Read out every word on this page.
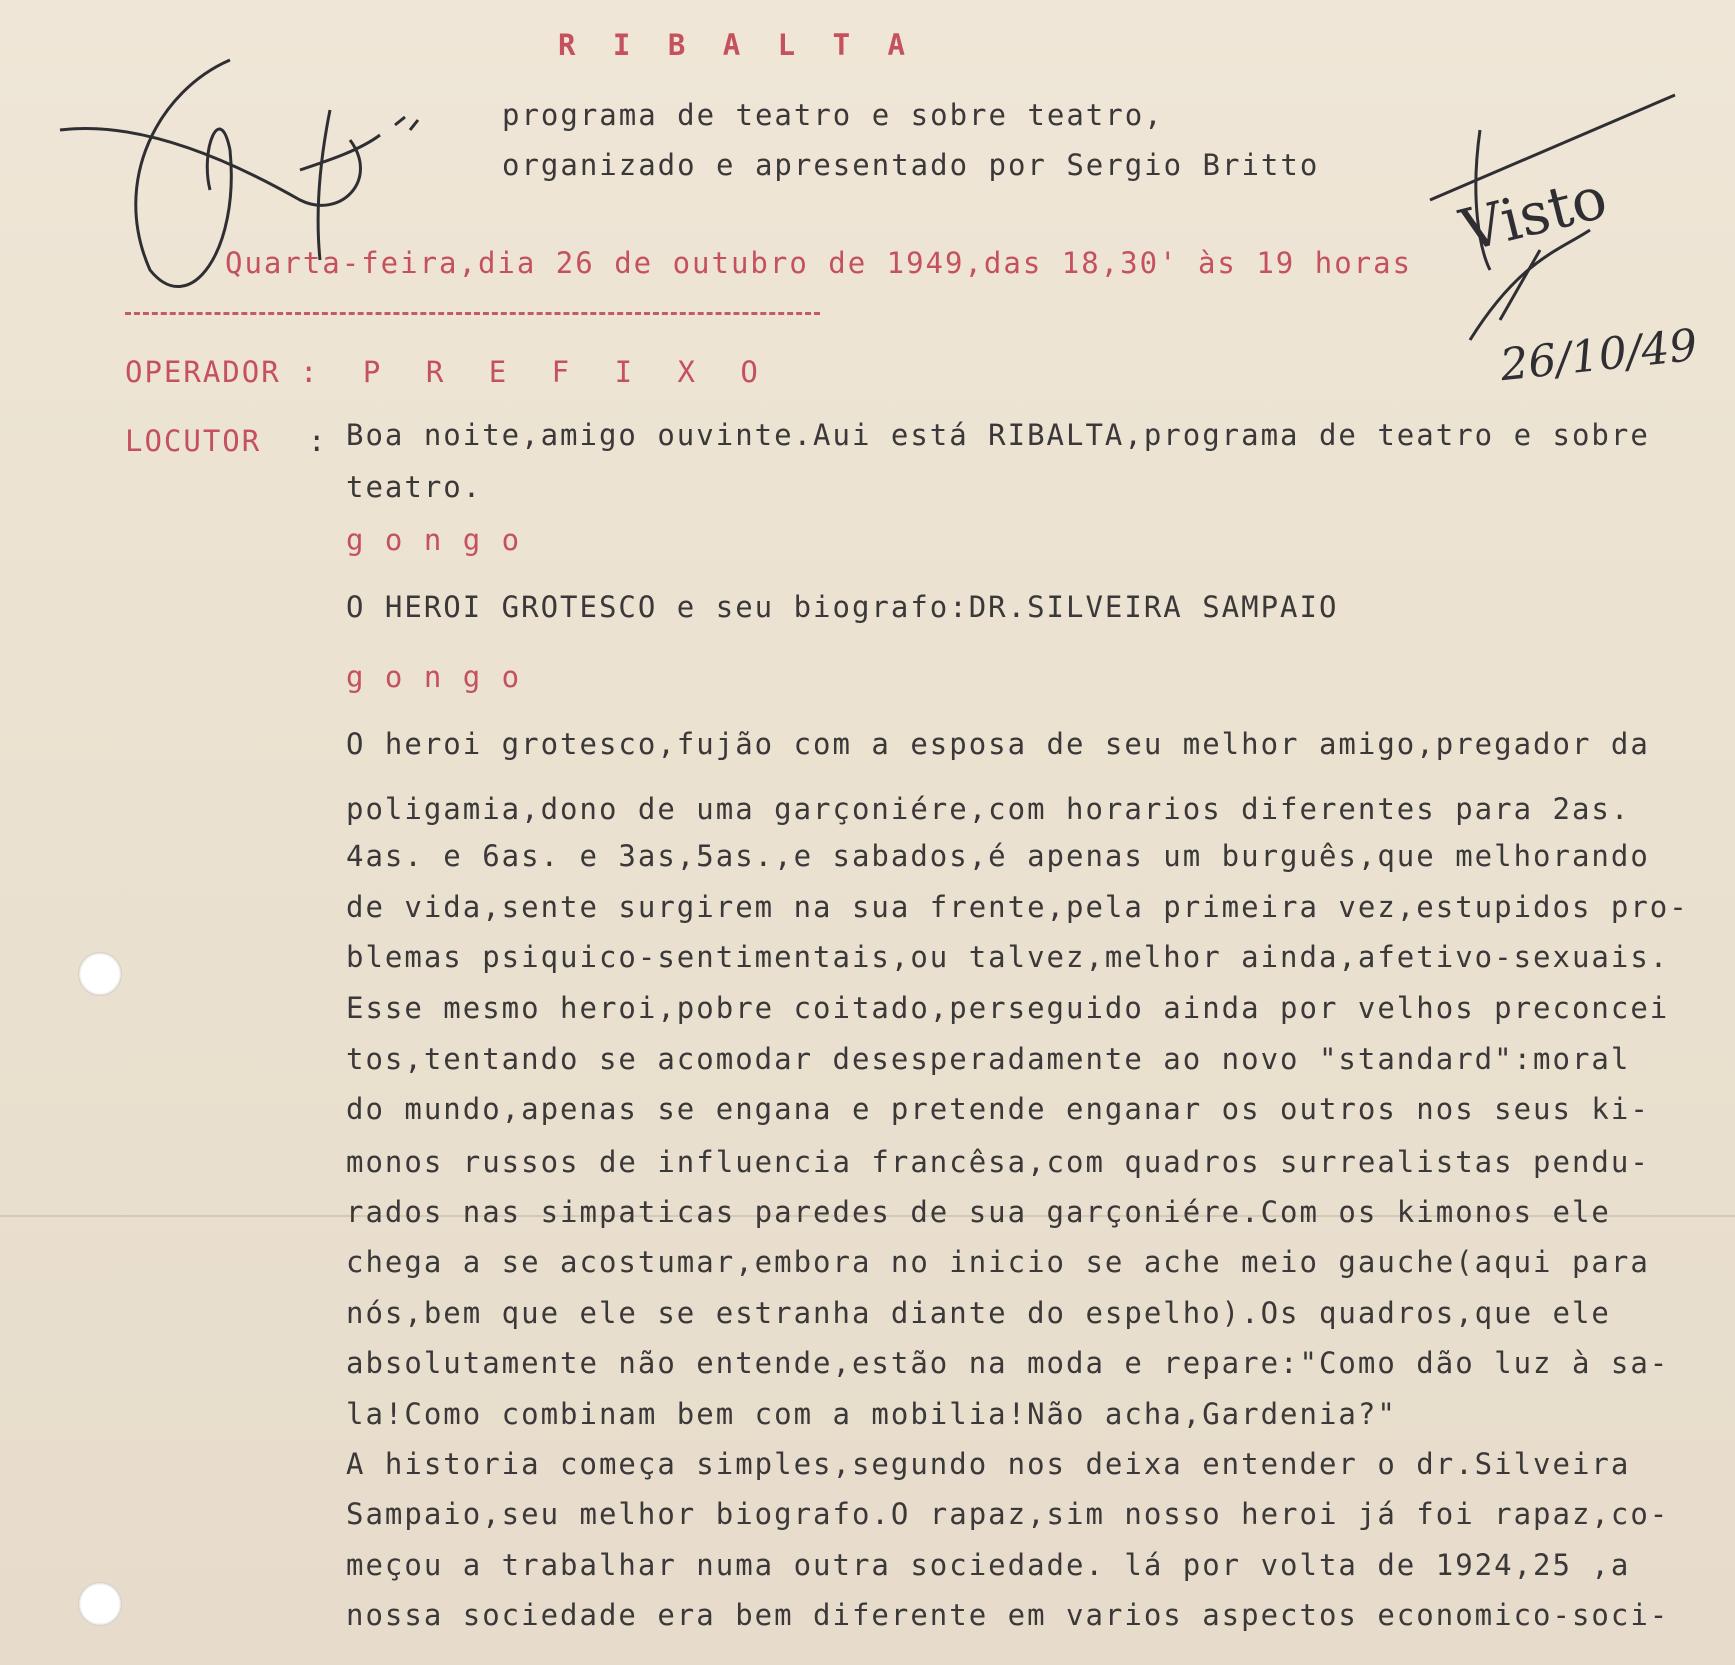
Visto
26/10/49
R I B A L T A
programa de teatro e sobre teatro,
organizado e apresentado por Sergio Britto
Quarta-feira,dia 26 de outubro de 1949,das 18,30' às 19 horas
OPERADOR : P R E F I X O
LOCUTOR : Boa noite,amigo ouvinte.Aui está RIBALTA,programa de teatro e sobre
teatro.
g o n g o
O HEROI GROTESCO e seu biografo:DR.SILVEIRA SAMPAIO
g o n g o
O heroi grotesco,fujão com a esposa de seu melhor amigo,pregador da
poligamia,dono de uma garçoniére,com horarios diferentes para 2as.
4as. e 6as. e 3as,5as.,e sabados,é apenas um burguês,que melhorando
de vida,sente surgirem na sua frente,pela primeira vez,estupidos pro-
blemas psiquico-sentimentais,ou talvez,melhor ainda,afetivo-sexuais.
Esse mesmo heroi,pobre coitado,perseguido ainda por velhos preconcei
tos,tentando se acomodar desesperadamente ao novo "standard":moral
do mundo,apenas se engana e pretende enganar os outros nos seus ki-
monos russos de influencia francêsa,com quadros surrealistas pendu-
rados nas simpaticas paredes de sua garçoniére.Com os kimonos ele
chega a se acostumar,embora no inicio se ache meio gauche(aqui para
nós,bem que ele se estranha diante do espelho).Os quadros,que ele
absolutamente não entende,estão na moda e repare:"Como dão luz à sa-
la!Como combinam bem com a mobilia!Não acha,Gardenia?"
A historia começa simples,segundo nos deixa entender o dr.Silveira
Sampaio,seu melhor biografo.O rapaz,sim nosso heroi já foi rapaz,co-
meçou a trabalhar numa outra sociedade. lá por volta de 1924,25 ,a
nossa sociedade era bem diferente em varios aspectos economico-soci-
